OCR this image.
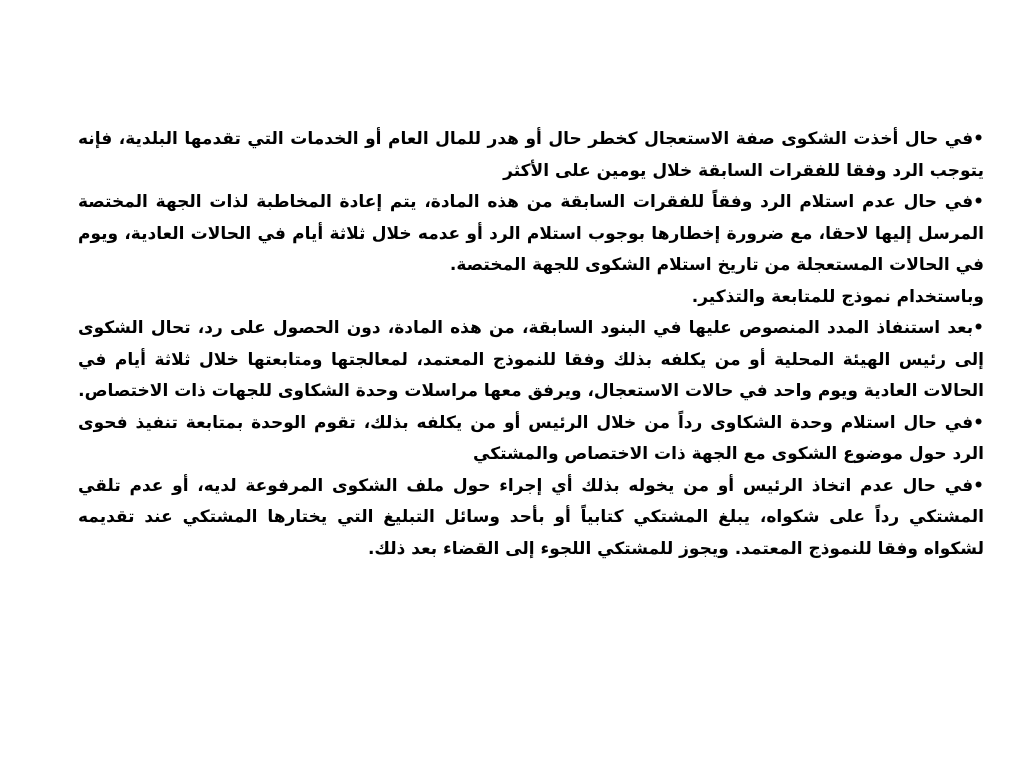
•في حال أخذت الشكوى صفة الاستعجال كخطر حال أو هدر للمال العام أو الخدمات التي تقدمها البلدية، فإنه يتوجب الرد وفقا للفقرات السابقة خلال يومين على الأكثر

•في حال عدم استلام الرد وفقاً للفقرات السابقة من هذه المادة، يتم إعادة المخاطبة لذات الجهة المختصة المرسل إليها لاحقا، مع ضرورة إخطارها بوجوب استلام الرد أو عدمه خلال ثلاثة أيام في الحالات العادية، ويوم في الحالات المستعجلة من تاريخ استلام الشكوى للجهة المختصة.

وباستخدام نموذج للمتابعة والتذكير.

•بعد استنفاذ المدد المنصوص عليها في البنود السابقة، من هذه المادة، دون الحصول على رد، تحال الشكوى إلى رئيس الهيئة المحلية أو من يكلفه بذلك وفقا للنموذج المعتمد، لمعالجتها ومتابعتها خلال ثلاثة أيام في الحالات العادية ويوم واحد في حالات الاستعجال، ويرفق معها مراسلات وحدة الشكاوى للجهات ذات الاختصاص.

•في حال استلام وحدة الشكاوى رداً من خلال الرئيس أو من يكلفه بذلك، تقوم الوحدة بمتابعة تنفيذ فحوى الرد حول موضوع الشكوى مع الجهة ذات الاختصاص والمشتكي

•في حال عدم اتخاذ الرئيس أو من يخوله بذلك أي إجراء حول ملف الشكوى المرفوعة لديه، أو عدم تلقي المشتكي رداً على شكواه، يبلغ المشتكي كتابياً أو بأحد وسائل التبليغ التي يختارها المشتكي عند تقديمه لشكواه وفقا للنموذج المعتمد. ويجوز للمشتكي اللجوء إلى القضاء بعد ذلك.
